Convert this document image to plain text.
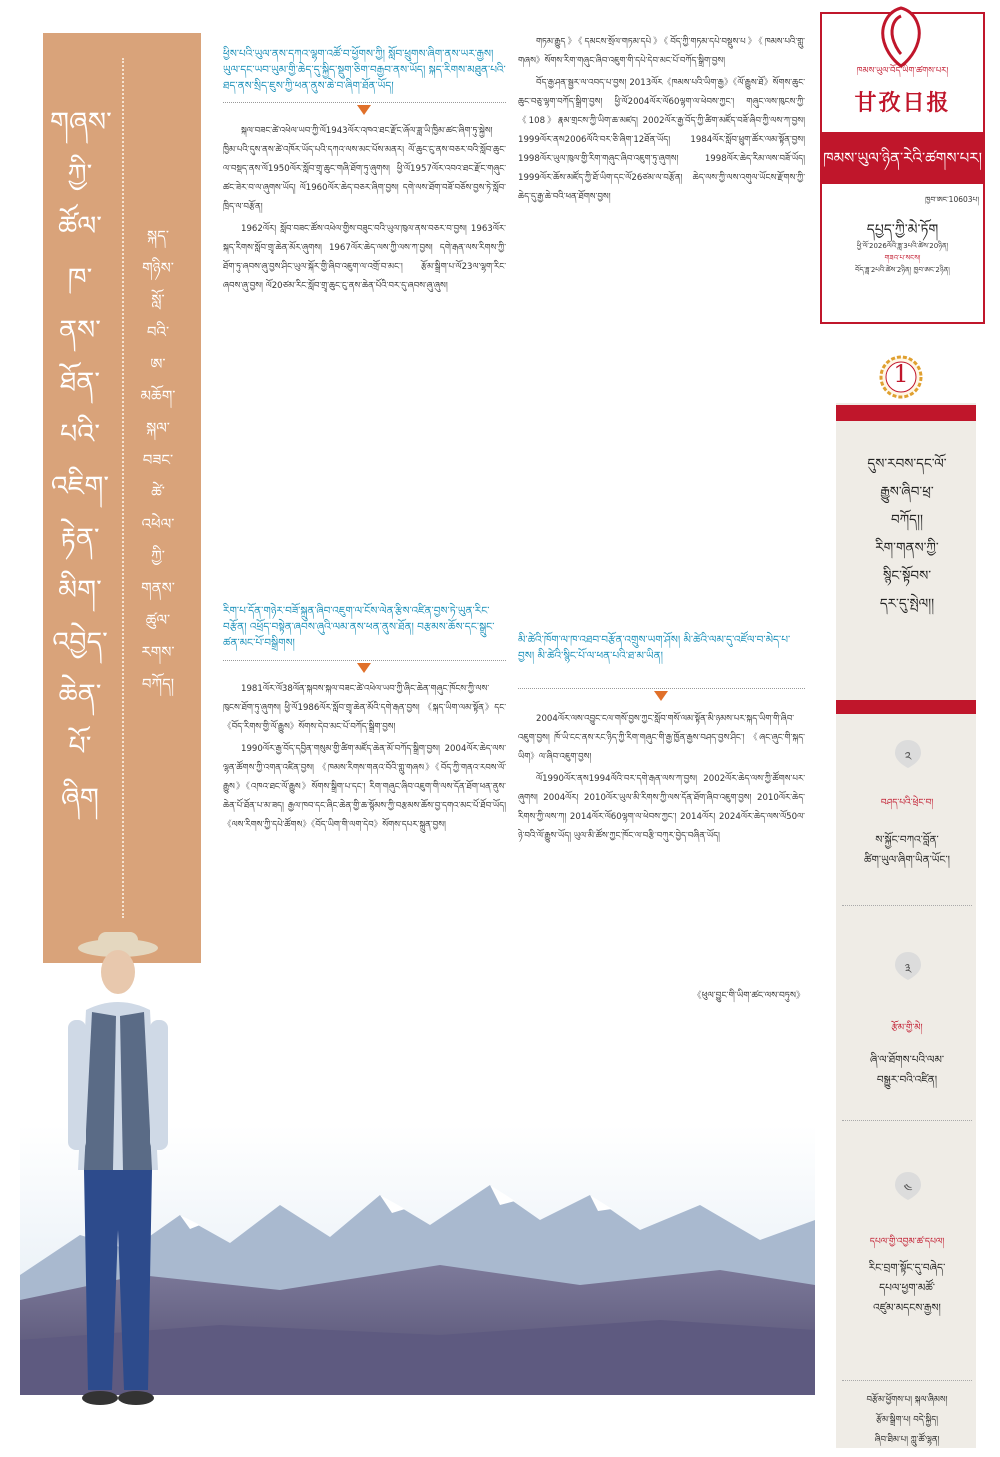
གཞས་
ཀྱི་
ཚོལ་
ཁ་
ནས་
ཐོན་
པའི་
འཇིག་
རྟེན་
མིག་
འབྱེད་
ཆེན་
པོ་
ཞིག
སྐད་
གཉིས་
སློ་
བའི་
ཨ་
མཆོག་
སྐལ་
བཟང་
ཚེ་
འཕེལ་
ཀྱི་
གནས་
ཚུལ་
རགས་
བཀོད།
ཕྱིས་པའི་ཡུལ་ནས་དཀའ་ལྷག་འཚོ་བ་ཕྱོགས་ཀྱི། སློབ་ཕྲུགས་ཞིག་ནས་ཡར་རྒྱས། ཡུལ་དང་ཡབ་ཡུམ་གྱི་ཆེད་དུ་སྐྱིད་སྡུག་ཅིག་བརྒྱབ་ནས་ཡོད། སྐད་རིགས་མཐུན་པའི་ཐད་ནས་སྲིད་ཇུས་ཀྱི་ཕན་ནུས་ཆེ་བ་ཞིག་ཐོན་ཡོད།

སྐལ་བཟང་ཚེ་འཕེལ་ཡབ་ཀྱི་ལོ1943ལོར་འཁའ་ཐང་རྫོང་ཞོལ་ཟླ་ཡི་ཁྱིམ་ཚང་ཞིག་ཏུ་སྐྱེས། ཁྱིམ་པའི་དུས་ནས་ཚེ་འཁོར་ཡོད་པའི་དཀའ་ལས་མང་པོས་མནར། ལོ་ཆུང་ངུ་ནས་བཅར་བའི་སློབ་ཆུང་ལ་བསྡད་ནས་ལོ1950ལོར་སློབ་གྲྭ་ཆུང་གཞི་ཐོག་ཏུ་ཞུགས། ཕྱི་ལོ1957ལོར་འབའ་ཐང་རྫོང་གཞུང་ཚང་ཟེར་བ་ལ་ཞུགས་ཡོད། ལོ1960ལོར་ཆེད་བཅར་ཞིག་བྱས། དགེ་ལས་ཐོག་བཟོ་བཅོས་བྱས་ཏེ་སློབ་ཁྲིད་ལ་བརྩོན།

1962ལོར། སློབ་བཟང་ཚོས་འཕེལ་གྱིས་བཟུང་བའི་ཡུལ་ཁུལ་ནས་བཅར་བ་བྱས། 1963ལོར་སྐད་རིགས་སློབ་གྲྭ་ཆེན་མོར་ཞུགས། 1967ལོར་ཆེད་ལས་ཀྱི་ལས་ཀ་བྱས། དགེ་རྒན་ལས་རིགས་ཀྱི་ཐོག་ཏུ་ཞབས་ཞུ་བྱས་ཤིང་ཡུལ་སྐོར་གྱི་ཞིབ་འཇུག་ལ་འགྲོ་བ་མང་། རྩོམ་སྒྲིག་པ་ལོ23ལ་ལྷག་རིང་ཞབས་ཞུ་བྱས། ལོ20ཙམ་རིང་སློབ་གྲྭ་ཆུང་ངུ་ནས་ཆེན་པོའི་བར་དུ་ཞབས་ཞུ་ཞུས།

རིག་པ་དོན་གཉེར་བཟོ་སྐྲུན་ཞིབ་འཇུག་ལ་ངོས་ལེན་རྩིས་འཛིན་བྱས་ཏེ་ཡུན་རིང་བརྩོན། འཕྲོད་བསྟེན་ཞབས་ཞུའི་ལམ་ནས་ཕན་ནུས་ཐོན། བརྩམས་ཆོས་དང་སྒྲུང་ཚན་མང་པོ་བསྒྲིགས།

1981ལོར་ལོ38ལོན་སྐབས་སྐལ་བཟང་ཚེ་འཕེལ་ཡབ་ཀྱི་ཞིང་ཆེན་གཞུང་ཁོངས་ཀྱི་ལས་ཁུངས་ཐོག་ཏུ་ཞུགས། ཕྱི་ལོ1986ལོར་སློབ་གྲྭ་ཆེན་མོའི་དགེ་རྒན་བྱས། 《སྐད་ཡིག་ལམ་སྟོན》དང་《བོད་རིགས་གྱི་ལོ་རྒྱུས》སོགས་དེབ་མང་པོ་བཀོད་སྒྲིག་བྱས།

1990ལོར་རྒྱ་བོད་དབྱིན་གསུམ་གྱི་ཚིག་མཛོད་ཆེན་མོ་བཀོད་སྒྲིག་བྱས། 2004ལོར་ཆེད་ལས་ལྷན་ཚོགས་ཀྱི་འགན་འཛིན་བྱས། 《ཁམས་རིགས་གནའ་བོའི་གླུ་གཞས》《བོད་ཀྱི་གནའ་རབས་ལོ་རྒྱུས》《འཁའ་ཐང་ལོ་རྒྱུས》སོགས་སྒྲིག་པ་དང་། རིག་གཞུང་ཞིབ་འཇུག་གི་ལས་དོན་ཐོག་ཕན་ནུས་ཆེན་པོ་ཐོན་པ་མ་ཟད། རྒྱལ་ཁབ་དང་ཞིང་ཆེན་གྱི་ཆ་སྙོམས་ཀྱི་བརྩམས་ཆོས་བྱ་དགའ་མང་པོ་ཐོབ་ཡོད། 《ལས་རིགས་ཀྱི་དཔེ་ཚོགས》《བོད་ཡིག་གི་ལག་དེབ》སོགས་དཔར་སྐྲུན་བྱས།

གཏམ་རྒྱུད》《དམངས་སྲོལ་གཏམ་དཔེ》《བོད་ཀྱི་གཏམ་དཔེ་བསྡུས་པ》《ཁམས་པའི་གླུ་གཞས》སོགས་རིག་གཞུང་ཞིབ་འཇུག་གི་དཔེ་དེབ་མང་པོ་བཀོད་སྒྲིག་བྱས།

བོད་རྒྱ་ཤན་སྦྱར་ལ་འབད་པ་བྱས། 2013ལོར《ཁམས་པའི་ཡིག་རྒྱ》《ལོ་རྒྱུས་ཐོ》སོགས་ཆུང་ཆུང་བཅུ་ལྷག་བཀོད་སྒྲིག་བྱས། ཕྱི་ལོ2004ལོར་ལོ60ལྷག་ལ་ཕེབས་ཀྱང་། གཞུང་ལས་ཁུངས་ཀྱི་《108》རྣམ་གྲངས་ཀྱི་ཡིག་ཆ་མཛད། 2002ལོར་རྒྱ་བོད་ཀྱི་ཚིག་མཛོད་བཟོ་ཞིབ་ཀྱི་ལས་ཀ་བྱས། 1999ལོར་ནས2006ལོའི་བར་ཅི་ཞིག་12ཐོན་ཡོད། 1984ལོར་སློབ་ཕྲུག་ཚོར་ལམ་སྟོན་བྱས། 1998ལོར་ཡུལ་ཁུལ་གྱི་རིག་གཞུང་ཞིབ་འཇུག་ཏུ་ཞུགས། 1998ལོར་ཆེད་རིམ་ལས་བཟོ་ཡོད། 1999ལོར་ཆོས་མཛོད་ཀྱི་ཐོ་ཡིག་དང་ལོ26ཙམ་ལ་བརྩོན། ཆེད་ལས་ཀྱི་ལས་འགུལ་ཡོངས་རྫོགས་ཀྱི་ཆེད་དུ་རྒྱ་ཆེ་བའི་ཕན་ཐོགས་བྱས།

མི་ཚེའི་ཁོག་ལ་ཁ་འཐབ་བརྩོན་འགྲུས་ཡག་ཤོས། མི་ཚེའི་ལམ་དུ་འཛོལ་བ་མེད་པ་བྱས། མི་ཚེའི་སྙིང་པོ་ལ་ཕན་པའི་ཐ་མ་ཡིན།

2004ལོར་ལས་འབྱུང་ངལ་གསོ་བྱས་ཀྱང་སློབ་གསོ་ལམ་སྟོན་མི་ཉམས་པར་སྐད་ཡིག་གི་ཞིབ་འཇུག་བྱས། ཁོ་ཡི་ངང་ནས་རང་ཉིད་ཀྱི་རིག་གཞུང་གི་རྒྱ་ཁྱོན་རྒྱས་བཤད་བྱས་ཤིང་། 《ཞང་ཞུང་གི་སྐད་ཡིག》ལ་ཞིབ་འཇུག་བྱས།

ལོ1990ལོར་ནས1994ལོའི་བར་དགེ་རྒན་ལས་ཀ་བྱས། 2002ལོར་ཆེད་ལས་ཀྱི་ཚོགས་པར་ཞུགས། 2004ལོར། 2010ལོར་ཡུལ་མི་རིགས་ཀྱི་ལས་དོན་ཐོག་ཞིབ་འཇུག་བྱས། 2010ལོར་ཆེད་རིགས་ཀྱི་ལས་ཀ། 2014ལོར་ལོ60ལྷག་ལ་ཕེབས་ཀྱང་། 2014ལོར། 2024ལོར་ཆེད་ལས་ལོ50ལ་ཉེ་བའི་ལོ་རྒྱུས་ཡོད། ཡུལ་མི་ཚོས་ཀྱང་ཁོང་ལ་བརྩི་བཀུར་བྱེད་བཞིན་ཡོད།

《ཕུལ་བྱུང་གི་ཡིག་ཚང་ལས་བཏུས》
ཁམས་ཡུལ་བོད་ཡིག་ཚགས་པར།
甘孜日报
ཁམས་ཡུལ་ཉིན་རེའི་ཚགས་པར།
ཁྱབ་ཨང་10603པ།
དཔྱད་ཀྱི་མེ་ཏོག
ཕྱི་ལོ་2026ལོའི་ཟླ་3པའི་ཚེས་20ཉིན།
གཟའ་པ་སངས།
བོད་ཟླ་2པའི་ཚེས་2ཉིན། ཁྱབ་ཨང་2ཉིན།
1
དུས་རབས་དང་ལོ་
རྒྱུས་ཞིབ་ཕྲ་
བཀོད།།
རིག་གནས་ཀྱི་
སྙིང་སྟོབས་
དར་དུ་སྤེལ།།
༢
བཤད་པའི་ཕྲེང་བ།
ས་སྐྱོང་བཀའ་བློན་
ཚིག་ཡུལ་ཞིག་ཡིན་ཡོང་།
༣
རྩོམ་གྱི་མེ།
ཞི་ལ་ཐོགས་པའི་ལམ་
བསྒྱུར་བའི་འཛིན།
༤
དཔལ་གྱི་འབྱམ་ཚ་དཔལ།
རིང་བྲག་སྟོང་དུ་བཞེད་
དཔལ་ཕྱག་མཚོ་
འཛུམ་མདངས་རྒྱས།
བརྩོམ་ཕྱོགས་པ། སྐལ་ཞིམས།
རྩོམ་སྒྲིག་པ། བདེ་སྐྱིད།
ཞིབ་ཐིམ་པ། ཀླུ་ཚོ་ལྷན།
